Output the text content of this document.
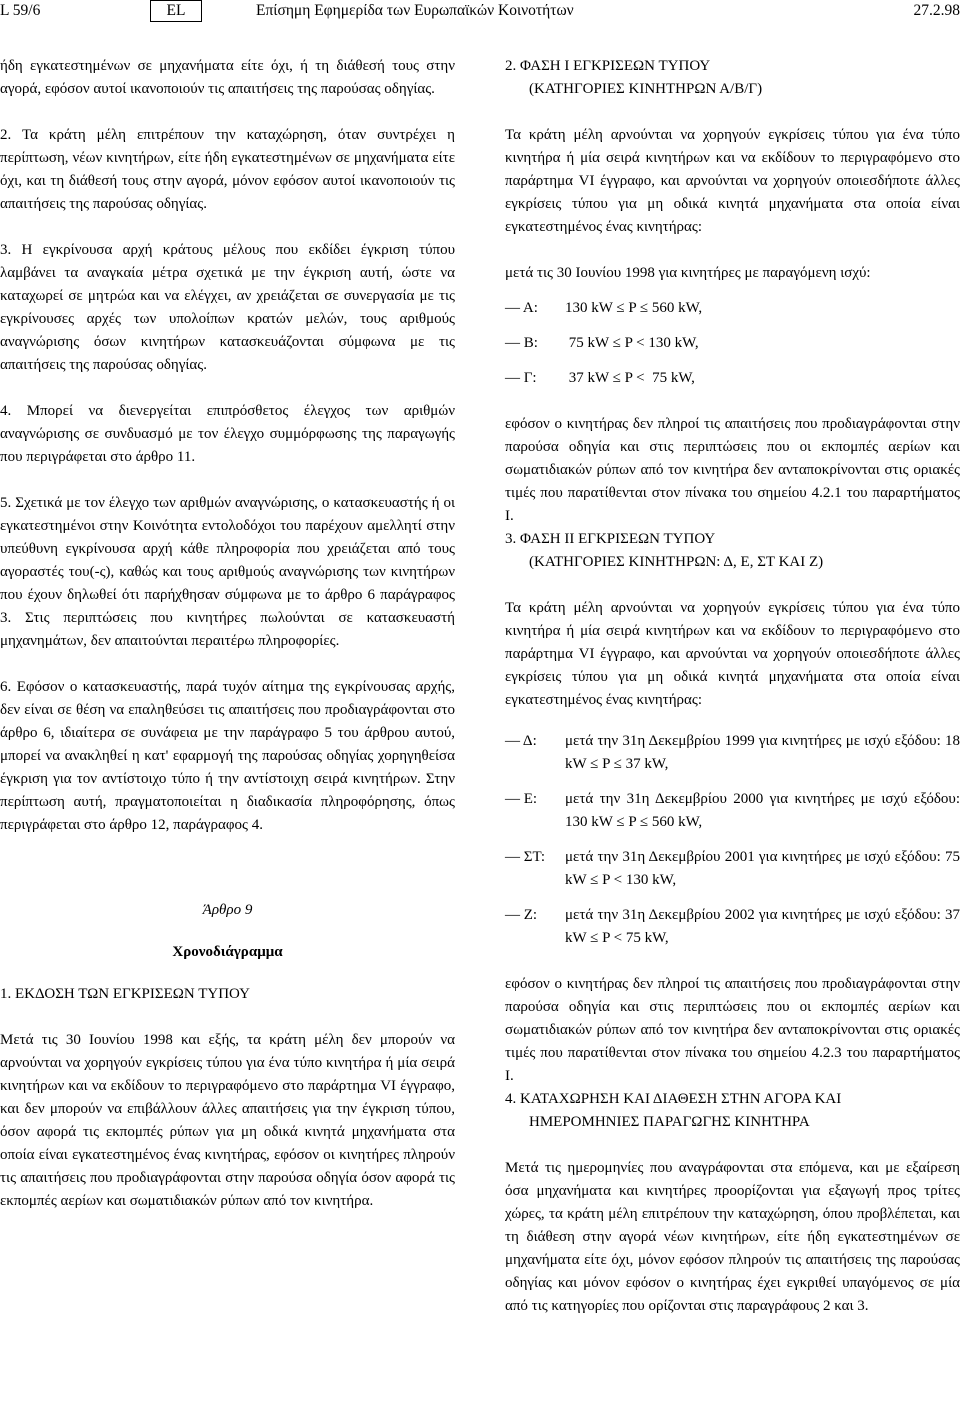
L 59/6	EL	Επίσημη Εφημερίδα των Ευρωπαϊκών Κοινοτήτων	27.2.98

ήδη εγκατεστημένων σε μηχανήματα είτε όχι, ή τη διάθεσή τους στην αγορά, εφόσον αυτοί ικανοποιούν τις απαιτήσεις της παρούσας οδηγίας.

2. Τα κράτη μέλη επιτρέπουν την καταχώρηση, όταν συντρέχει η περίπτωση, νέων κινητήρων, είτε ήδη εγκατεστημένων σε μηχανήματα είτε όχι, και τη διάθεσή τους στην αγορά, μόνον εφόσον αυτοί ικανοποιούν τις απαιτήσεις της παρούσας οδηγίας.

3. Η εγκρίνουσα αρχή κράτους μέλους που εκδίδει έγκριση τύπου λαμβάνει τα αναγκαία μέτρα σχετικά με την έγκριση αυτή, ώστε να καταχωρεί σε μητρώα και να ελέγχει, αν χρειάζεται σε συνεργασία με τις εγκρίνουσες αρχές των υπολοίπων κρατών μελών, τους αριθμούς αναγνώρισης όσων κινητήρων κατασκευάζονται σύμφωνα με τις απαιτήσεις της παρούσας οδηγίας.

4. Μπορεί να διενεργείται επιπρόσθετος έλεγχος των αριθμών αναγνώρισης σε συνδυασμό με τον έλεγχο συμμόρφωσης της παραγωγής που περιγράφεται στο άρθρο 11.

5. Σχετικά με τον έλεγχο των αριθμών αναγνώρισης, ο κατασκευαστής ή οι εγκατεστημένοι στην Κοινότητα εντολοδόχοι του παρέχουν αμελλητί στην υπεύθυνη εγκρίνουσα αρχή κάθε πληροφορία που χρειάζεται από τους αγοραστές του(-ς), καθώς και τους αριθμούς αναγνώρισης των κινητήρων που έχουν δηλωθεί ότι παρήχθησαν σύμφωνα με το άρθρο 6 παράγραφος 3. Στις περιπτώσεις που κινητήρες πωλούνται σε κατασκευαστή μηχανημάτων, δεν απαιτούνται περαιτέρω πληροφορίες.

6. Εφόσον ο κατασκευαστής, παρά τυχόν αίτημα της εγκρίνουσας αρχής, δεν είναι σε θέση να επαληθεύσει τις απαιτήσεις που προδιαγράφονται στο άρθρο 6, ιδιαίτερα σε συνάφεια με την παράγραφο 5 του άρθρου αυτού, μπορεί να ανακληθεί η κατ' εφαρμογή της παρούσας οδηγίας χορηγηθείσα έγκριση για τον αντίστοιχο τύπο ή την αντίστοιχη σειρά κινητήρων. Στην περίπτωση αυτή, πραγματοποιείται η διαδικασία πληροφόρησης, όπως περιγράφεται στο άρθρο 12, παράγραφος 4.

Άρθρο 9

Χρονοδιάγραμμα

1. ΕΚΔΟΣΗ ΤΩΝ ΕΓΚΡΙΣΕΩΝ ΤΥΠΟΥ

Μετά τις 30 Ιουνίου 1998 και εξής, τα κράτη μέλη δεν μπορούν να αρνούνται να χορηγούν εγκρίσεις τύπου για ένα τύπο κινητήρα ή μία σειρά κινητήρων και να εκδίδουν το περιγραφόμενο στο παράρτημα VI έγγραφο, και δεν μπορούν να επιβάλλουν άλλες απαιτήσεις για την έγκριση τύπου, όσον αφορά τις εκπομπές ρύπων για μη οδικά κινητά μηχανήματα στα οποία είναι εγκατεστημένος ένας κινητήρας, εφόσον οι κινητήρες πληρούν τις απαιτήσεις που προδιαγράφονται στην παρούσα οδηγία όσον αφορά τις εκπομπές αερίων και σωματιδιακών ρύπων από τον κινητήρα.

2. ΦΑΣΗ Ι ΕΓΚΡΙΣΕΩΝ ΤΥΠΟΥ
(ΚΑΤΗΓΟΡΙΕΣ ΚΙΝΗΤΗΡΩΝ Α/Β/Γ)

Τα κράτη μέλη αρνούνται να χορηγούν εγκρίσεις τύπου για ένα τύπο κινητήρα ή μία σειρά κινητήρων και να εκδίδουν το περιγραφόμενο στο παράρτημα VI έγγραφο, και αρνούνται να χορηγούν οποιεσδήποτε άλλες εγκρίσεις τύπου για μη οδικά κινητά μηχανήματα στα οποία είναι εγκατεστημένος ένας κινητήρας:

μετά τις 30 Ιουνίου 1998 για κινητήρες με παραγόμενη ισχύ:

— Α:	130 kW ≤ P ≤ 560 kW,
— Β:	75 kW ≤ P < 130 kW,
— Γ:	37 kW ≤ P <  75 kW,

εφόσον ο κινητήρας δεν πληροί τις απαιτήσεις που προδιαγράφονται στην παρούσα οδηγία και στις περιπτώσεις που οι εκπομπές αερίων και σωματιδιακών ρύπων από τον κινητήρα δεν ανταποκρίνονται στις οριακές τιμές που παρατίθενται στον πίνακα του σημείου 4.2.1 του παραρτήματος Ι.

3. ΦΑΣΗ ΙΙ ΕΓΚΡΙΣΕΩΝ ΤΥΠΟΥ
(ΚΑΤΗΓΟΡΙΕΣ ΚΙΝΗΤΗΡΩΝ: Δ, Ε, ΣΤ ΚΑΙ Ζ)

Τα κράτη μέλη αρνούνται να χορηγούν εγκρίσεις τύπου για ένα τύπο κινητήρα ή μία σειρά κινητήρων και να εκδίδουν το περιγραφόμενο στο παράρτημα VI έγγραφο, και αρνούνται να χορηγούν οποιεσδήποτε άλλες εγκρίσεις τύπου για μη οδικά κινητά μηχανήματα στα οποία είναι εγκατεστημένος ένας κινητήρας:

— Δ: μετά την 31η Δεκεμβρίου 1999 για κινητήρες με ισχύ εξόδου: 18 kW ≤ P ≤ 37 kW,
— Ε: μετά την 31η Δεκεμβρίου 2000 για κινητήρες με ισχύ εξόδου: 130 kW ≤ P ≤ 560 kW,
— ΣΤ: μετά την 31η Δεκεμβρίου 2001 για κινητήρες με ισχύ εξόδου: 75 kW ≤ P < 130 kW,
— Ζ: μετά την 31η Δεκεμβρίου 2002 για κινητήρες με ισχύ εξόδου: 37 kW ≤ P < 75 kW,

εφόσον ο κινητήρας δεν πληροί τις απαιτήσεις που προδιαγράφονται στην παρούσα οδηγία και στις περιπτώσεις που οι εκπομπές αερίων και σωματιδιακών ρύπων από τον κινητήρα δεν ανταποκρίνονται στις οριακές τιμές που παρατίθενται στον πίνακα του σημείου 4.2.3 του παραρτήματος Ι.

4. ΚΑΤΑΧΩΡΗΣΗ ΚΑΙ ΔΙΑΘΕΣΗ ΣΤΗΝ ΑΓΟΡΑ ΚΑΙ
ΗΜΕΡΟΜΗΝΙΕΣ ΠΑΡΑΓΩΓΗΣ ΚΙΝΗΤΗΡΑ

Μετά τις ημερομηνίες που αναγράφονται στα επόμενα, και με εξαίρεση όσα μηχανήματα και κινητήρες προορίζονται για εξαγωγή προς τρίτες χώρες, τα κράτη μέλη επιτρέπουν την καταχώρηση, όπου προβλέπεται, και τη διάθεση στην αγορά νέων κινητήρων, είτε ήδη εγκατεστημένων σε μηχανήματα είτε όχι, μόνον εφόσον πληρούν τις απαιτήσεις της παρούσας οδηγίας και μόνον εφόσον ο κινητήρας έχει εγκριθεί υπαγόμενος σε μία από τις κατηγορίες που ορίζονται στις παραγράφους 2 και 3.
